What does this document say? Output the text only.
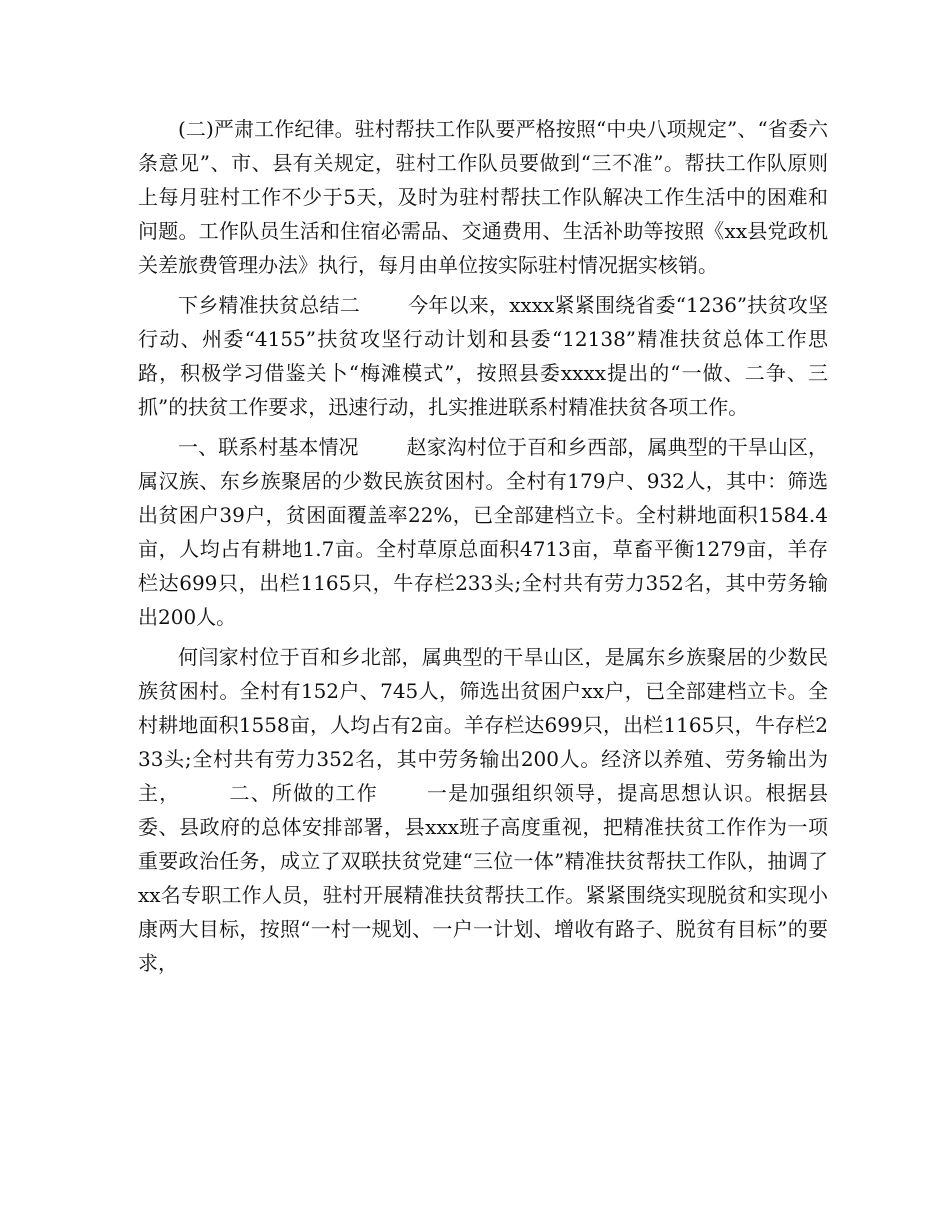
(二)严肃工作纪律。驻村帮扶工作队要严格按照“中央八项规定”、“省委六条意见”、市、县有关规定，驻村工作队员要做到“三不准”。帮扶工作队原则上每月驻村工作不少于5天，及时为驻村帮扶工作队解决工作生活中的困难和问题。工作队员生活和住宿必需品、交通费用、生活补助等按照《xx县党政机关差旅费管理办法》执行，每月由单位按实际驻村情况据实核销。

下乡精准扶贫总结二 今年以来，xxxx紧紧围绕省委“1236”扶贫攻坚行动、州委“4155”扶贫攻坚行动计划和县委“12138”精准扶贫总体工作思路，积极学习借鉴关卜“梅滩模式”，按照县委xxxx提出的“一做、二争、三抓”的扶贫工作要求，迅速行动，扎实推进联系村精准扶贫各项工作。

一、联系村基本情况 赵家沟村位于百和乡西部，属典型的干旱山区，属汉族、东乡族聚居的少数民族贫困村。全村有179户、932人，其中：筛选出贫困户39户，贫困面覆盖率22%，已全部建档立卡。全村耕地面积1584.4亩，人均占有耕地1.7亩。全村草原总面积4713亩，草畜平衡1279亩，羊存栏达699只，出栏1165只，牛存栏233头;全村共有劳力352名，其中劳务输出200人。

何闫家村位于百和乡北部，属典型的干旱山区，是属东乡族聚居的少数民族贫困村。全村有152户、745人，筛选出贫困户xx户，已全部建档立卡。全村耕地面积1558亩，人均占有2亩。羊存栏达699只，出栏1165只，牛存栏233头;全村共有劳力352名，其中劳务输出200人。经济以养殖、劳务输出为主， 二、所做的工作 一是加强组织领导，提高思想认识。根据县委、县政府的总体安排部署，县xxx班子高度重视，把精准扶贫工作作为一项重要政治任务，成立了双联扶贫党建“三位一体”精准扶贫帮扶工作队，抽调了xx名专职工作人员，驻村开展精准扶贫帮扶工作。紧紧围绕实现脱贫和实现小康两大目标，按照“一村一规划、一户一计划、增收有路子、脱贫有目标”的要求，
